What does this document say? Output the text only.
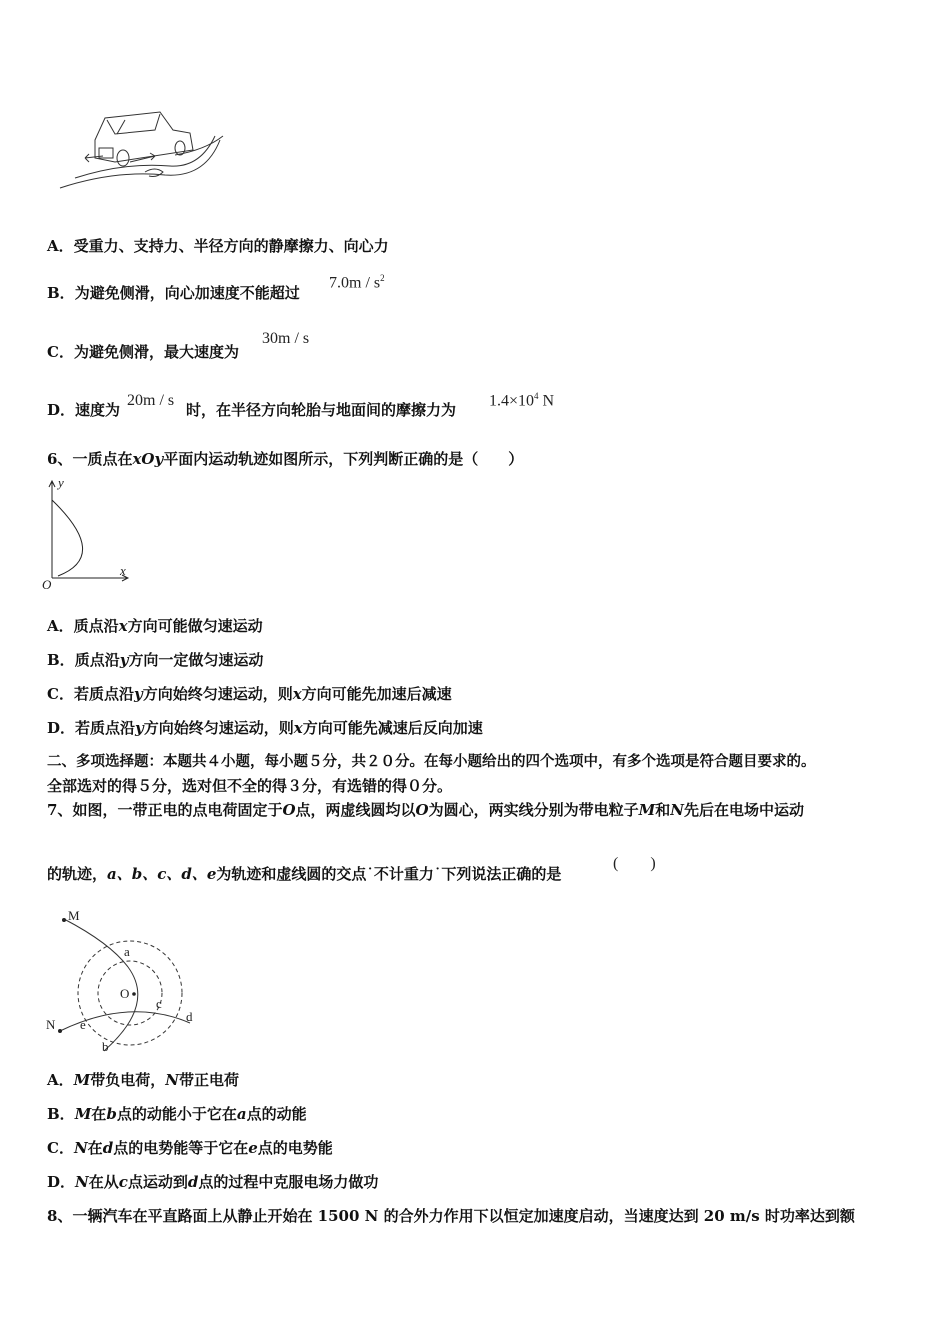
A．受重力、支持力、半径方向的静摩擦力、向心力
B．为避免侧滑，向心加速度不能超过
$7.0m / s^2$
C．为避免侧滑，最大速度为
30m / s
D．速度为
20m / s
时，在半径方向轮胎与地面间的摩擦力为
$1.4\times 10^4$ N
6、一质点在xOy平面内运动轨迹如图所示，下列判断正确的是（　　）
y
x
O
A．质点沿x方向可能做匀速运动
B．质点沿y方向一定做匀速运动
C．若质点沿y方向始终匀速运动，则x方向可能先加速后减速
D．若质点沿y方向始终匀速运动，则x方向可能先减速后反向加速
二、多项选择题：本题共４小题，每小题５分，共２０分。在每小题给出的四个选项中，有多个选项是符合题目要求的。
全部选对的得５分，选对但不全的得３分，有选错的得０分。
7、如图，一带正电的点电荷固定于O点，两虚线圆均以O为圆心，两实线分别为带电粒子M和N先后在电场中运动
的轨迹，a、b、c、d、e为轨迹和虚线圆的交点˙不计重力˙下列说法正确的是
(　　)
M
N
O
a
b
c
d
e
A．M带负电荷，N带正电荷
B．M在b点的动能小于它在a点的动能
C．N在d点的电势能等于它在e点的电势能
D．N在从c点运动到d点的过程中克服电场力做功
8、一辆汽车在平直路面上从静止开始在 1500 N 的合外力作用下以恒定加速度启动，当速度达到 20 m/s 时功率达到额
